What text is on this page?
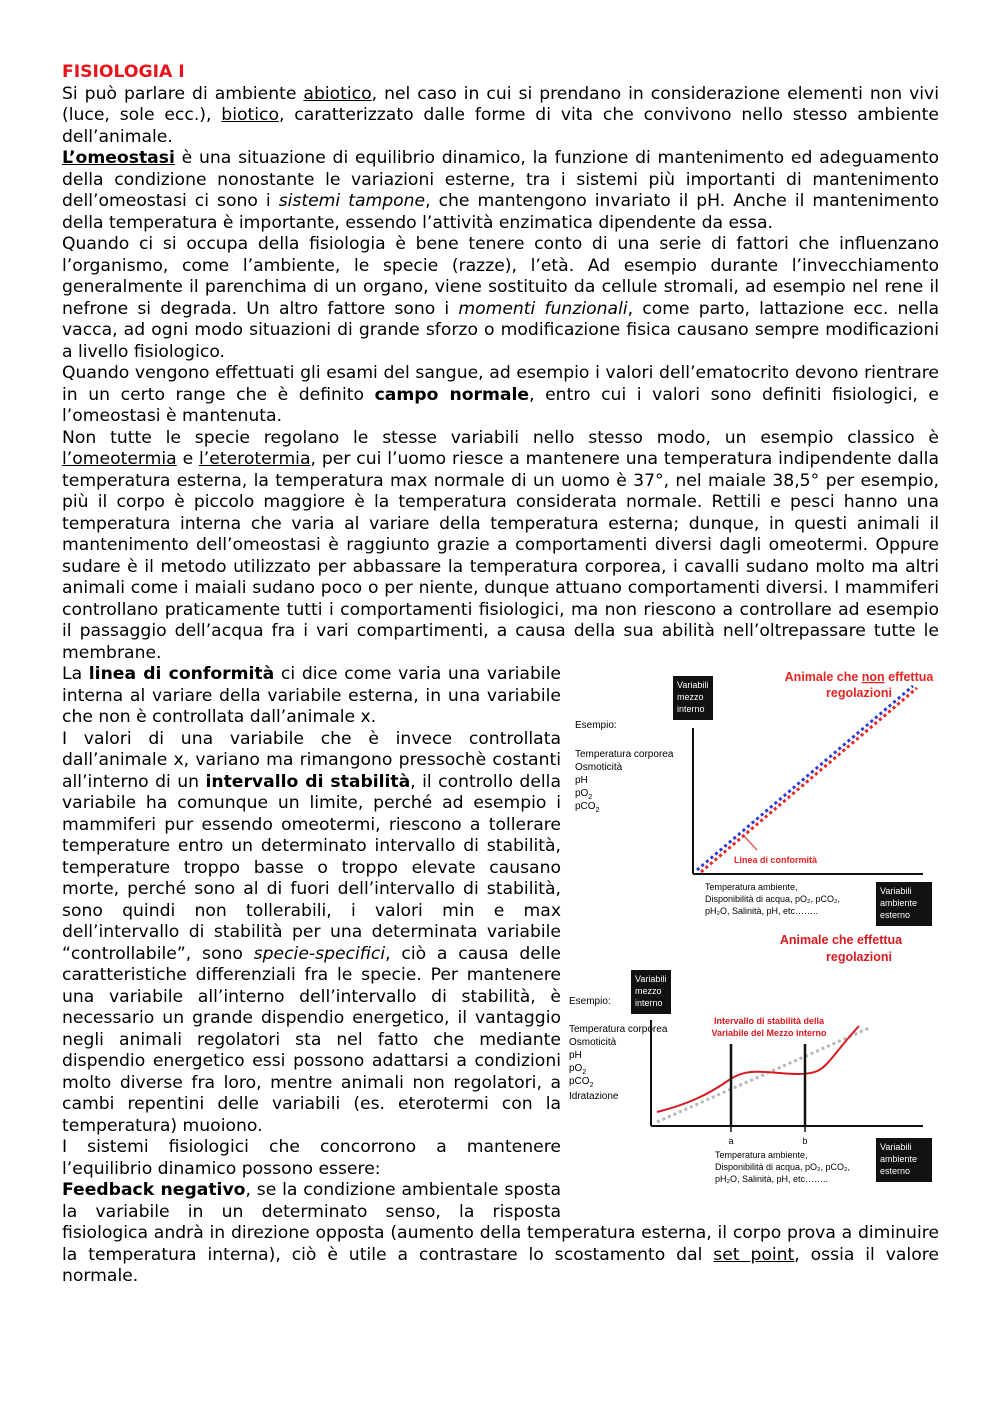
FISIOLOGIA I

Si può parlare di ambiente abiotico, nel caso in cui si prendano in considerazione elementi non vivi (luce, sole ecc.), biotico, caratterizzato dalle forme di vita che convivono nello stesso ambiente dell’animale.

L’omeostasi è una situazione di equilibrio dinamico, la funzione di mantenimento ed adeguamento della condizione nonostante le variazioni esterne, tra i sistemi più importanti di mantenimento dell’omeostasi ci sono i sistemi tampone, che mantengono invariato il pH. Anche il mantenimento della temperatura è importante, essendo l’attività enzimatica dipendente da essa.

Quando ci si occupa della fisiologia è bene tenere conto di una serie di fattori che influenzano l’organismo, come l’ambiente, le specie (razze), l’età. Ad esempio durante l’invecchiamento generalmente il parenchima di un organo, viene sostituito da cellule stromali, ad esempio nel rene il nefrone si degrada. Un altro fattore sono i momenti funzionali, come parto, lattazione ecc. nella vacca, ad ogni modo situazioni di grande sforzo o modificazione fisica causano sempre modificazioni a livello fisiologico.

Quando vengono effettuati gli esami del sangue, ad esempio i valori dell’ematocrito devono rientrare in un certo range che è definito campo normale, entro cui i valori sono definiti fisiologici, e l’omeostasi è mantenuta.

Non tutte le specie regolano le stesse variabili nello stesso modo, un esempio classico è l’omeotermia e l’eterotermia, per cui l’uomo riesce a mantenere una temperatura indipendente dalla temperatura esterna, la temperatura max normale di un uomo è 37°, nel maiale 38,5° per esempio, più il corpo è piccolo maggiore è la temperatura considerata normale. Rettili e pesci hanno una temperatura interna che varia al variare della temperatura esterna; dunque, in questi animali il mantenimento dell’omeostasi è raggiunto grazie a comportamenti diversi dagli omeotermi. Oppure sudare è il metodo utilizzato per abbassare la temperatura corporea, i cavalli sudano molto ma altri animali come i maiali sudano poco o per niente, dunque attuano comportamenti diversi. I mammiferi controllano praticamente tutti i comportamenti fisiologici, ma non riescono a controllare ad esempio il passaggio dell’acqua fra i vari compartimenti, a causa della sua abilità nell’oltrepassare tutte le membrane.

Animale che non effettua
regolazioni
Variabili
mezzo
interno
Linea di conformità
Esempio:
Temperatura corporea
Osmoticità
pH
$pO_2$
pCO$_2$
Temperatura ambiente,
Disponibilità di acqua, pO₂, pCO₂,
pH₂O, Salinità, pH, etc……..
Variabili
ambiente
esterno
Animale che effettua
regolazioni
Variabili
mezzo
interno
a	b
Intervallo di stabilità della
Variabile del Mezzo interno
Esempio:
Temperatura corporea
Osmoticità
pH
$pO_2$
pCO$_2$
Idratazione
Temperatura ambiente,
Disponibilità di acqua, pO₂, pCO₂,
pH₂O, Salinità, pH, etc……..
Variabili
ambiente
esterno

La linea di conformità ci dice come varia una variabile interna al variare della variabile esterna, in una variabile che non è controllata dall’animale x.

I valori di una variabile che è invece controllata dall’animale x, variano ma rimangono pressochè costanti all’interno di un intervallo di stabilità, il controllo della variabile ha comunque un limite, perché ad esempio i mammiferi pur essendo omeotermi, riescono a tollerare temperature entro un determinato intervallo di stabilità, temperature troppo basse o troppo elevate causano morte, perché sono al di fuori dell’intervallo di stabilità, sono quindi non tollerabili, i valori min e max dell’intervallo di stabilità per una determinata variabile “controllabile”, sono specie-specifici, ciò a causa delle caratteristiche differenziali fra le specie. Per mantenere una variabile all’interno dell’intervallo di stabilità, è necessario un grande dispendio energetico, il vantaggio negli animali regolatori sta nel fatto che mediante dispendio energetico essi possono adattarsi a condizioni molto diverse fra loro, mentre animali non regolatori, a cambi repentini delle variabili (es. eterotermi con la temperatura) muoiono.

I sistemi fisiologici che concorrono a mantenere l’equilibrio dinamico possono essere:

Feedback negativo, se la condizione ambientale sposta la variabile in un determinato senso, la risposta fisiologica andrà in direzione opposta (aumento della temperatura esterna, il corpo prova a diminuire la temperatura interna), ciò è utile a contrastare lo scostamento dal set point, ossia il valore normale.
